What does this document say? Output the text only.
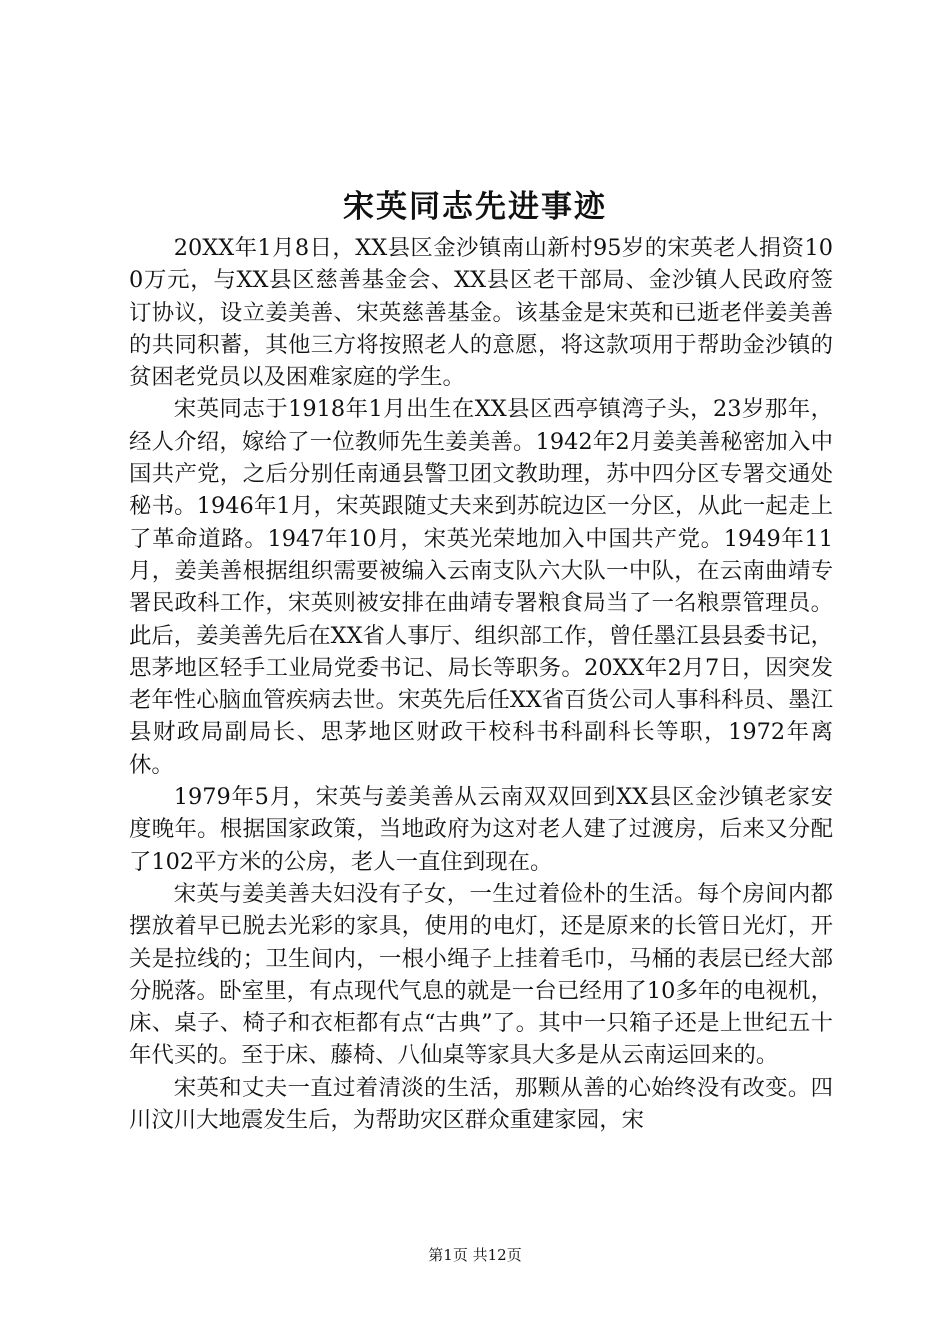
宋英同志先进事迹

20XX年1月8日，XX县区金沙镇南山新村95岁的宋英老人捐资100万元，与XX县区慈善基金会、XX县区老干部局、金沙镇人民政府签订协议，设立姜美善、宋英慈善基金。该基金是宋英和已逝老伴姜美善的共同积蓄，其他三方将按照老人的意愿，将这款项用于帮助金沙镇的贫困老党员以及困难家庭的学生。

宋英同志于1918年1月出生在XX县区西亭镇湾子头，23岁那年，经人介绍，嫁给了一位教师先生姜美善。1942年2月姜美善秘密加入中国共产党，之后分别任南通县警卫团文教助理，苏中四分区专署交通处秘书。1946年1月，宋英跟随丈夫来到苏皖边区一分区，从此一起走上了革命道路。1947年10月，宋英光荣地加入中国共产党。1949年11月，姜美善根据组织需要被编入云南支队六大队一中队，在云南曲靖专署民政科工作，宋英则被安排在曲靖专署粮食局当了一名粮票管理员。此后，姜美善先后在XX省人事厅、组织部工作，曾任墨江县县委书记，思茅地区轻手工业局党委书记、局长等职务。20XX年2月7日，因突发老年性心脑血管疾病去世。宋英先后任XX省百货公司人事科科员、墨江县财政局副局长、思茅地区财政干校科书科副科长等职，1972年离休。

1979年5月，宋英与姜美善从云南双双回到XX县区金沙镇老家安度晚年。根据国家政策，当地政府为这对老人建了过渡房，后来又分配了102平方米的公房，老人一直住到现在。

宋英与姜美善夫妇没有子女，一生过着俭朴的生活。每个房间内都摆放着早已脱去光彩的家具，使用的电灯，还是原来的长管日光灯，开关是拉线的；卫生间内，一根小绳子上挂着毛巾，马桶的表层已经大部分脱落。卧室里，有点现代气息的就是一台已经用了10多年的电视机，床、桌子、椅子和衣柜都有点“古典”了。其中一只箱子还是上世纪五十年代买的。至于床、藤椅、八仙桌等家具大多是从云南运回来的。

宋英和丈夫一直过着清淡的生活，那颗从善的心始终没有改变。四川汶川大地震发生后，为帮助灾区群众重建家园，宋

第1页 共12页
